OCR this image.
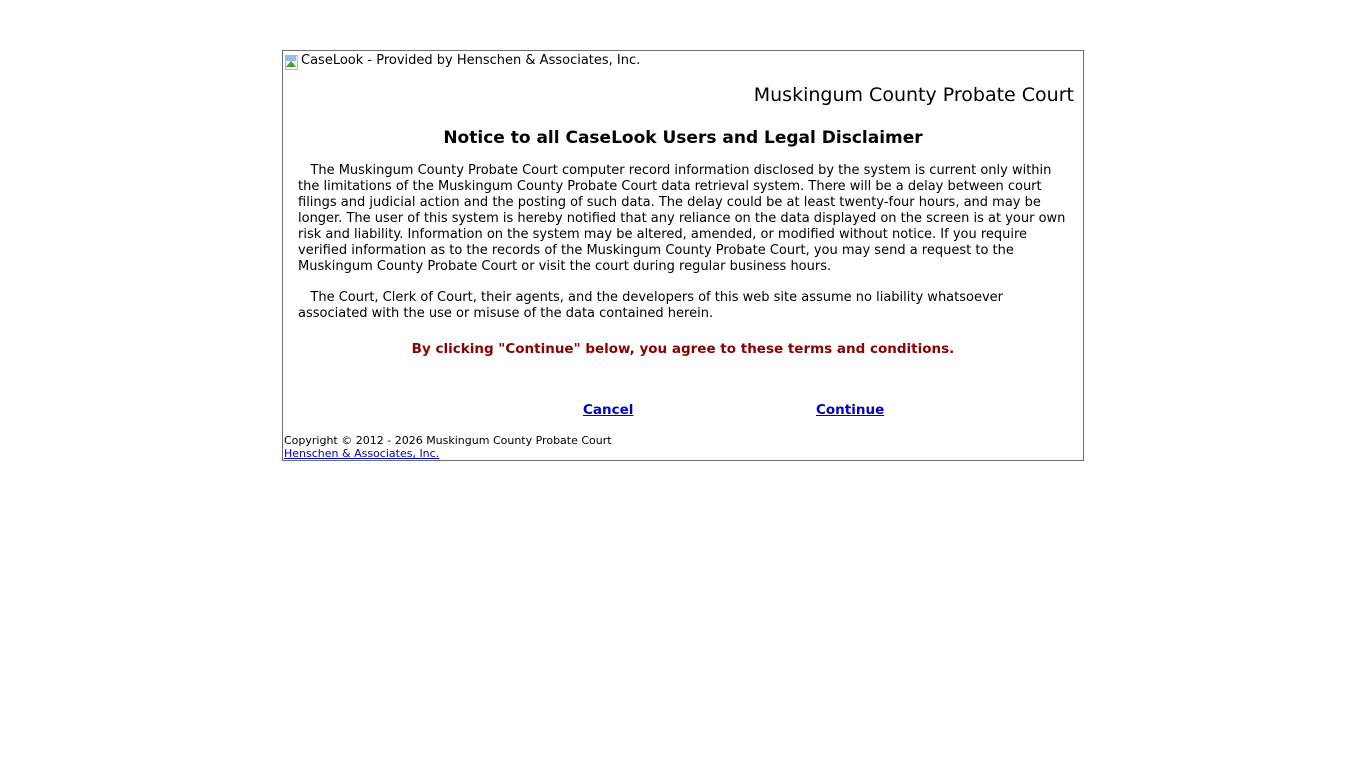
CaseLook - Provided by Henschen & Associates, Inc.
Muskingum County Probate Court
Notice to all CaseLook Users and Legal Disclaimer
The Muskingum County Probate Court computer record information disclosed by the system is current only within the limitations of the Muskingum County Probate Court data retrieval system. There will be a delay between court filings and judicial action and the posting of such data. The delay could be at least twenty-four hours, and may be longer. The user of this system is hereby notified that any reliance on the data displayed on the screen is at your own risk and liability. Information on the system may be altered, amended, or modified without notice. If you require verified information as to the records of the Muskingum County Probate Court, you may send a request to the Muskingum County Probate Court or visit the court during regular business hours.
The Court, Clerk of Court, their agents, and the developers of this web site assume no liability whatsoever associated with the use or misuse of the data contained herein.
By clicking "Continue" below, you agree to these terms and conditions.
Cancel	Continue
Copyright © 2012 - 2026 Muskingum County Probate Court
Henschen & Associates, Inc.
